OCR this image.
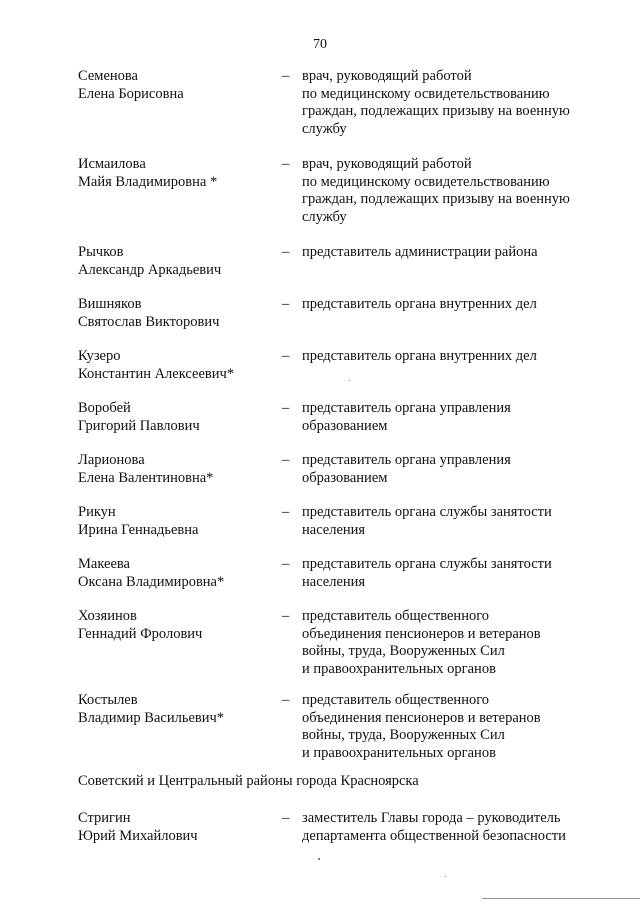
70
Семенова
Елена Борисовна
– врач, руководящий работой
по медицинскому освидетельствованию
граждан, подлежащих призыву на военную
службу
Исмаилова
Майя Владимировна *
– врач, руководящий работой
по медицинскому освидетельствованию
граждан, подлежащих призыву на военную
службу
Рычков
Александр Аркадьевич
– представитель администрации района
Вишняков
Святослав Викторович
– представитель органа внутренних дел
Кузеро
Константин Алексеевич*
– представитель органа внутренних дел
Воробей
Григорий Павлович
– представитель органа управления
образованием
Ларионова
Елена Валентиновна*
– представитель органа управления
образованием
Рикун
Ирина Геннадьевна
– представитель органа службы занятости
населения
Макеева
Оксана Владимировна*
– представитель органа службы занятости
населения
Хозяинов
Геннадий Фролович
– представитель общественного
объединения пенсионеров и ветеранов
войны, труда, Вооруженных Сил
и правоохранительных органов
Костылев
Владимир Васильевич*
– представитель общественного
объединения пенсионеров и ветеранов
войны, труда, Вооруженных Сил
и правоохранительных органов
Советский и Центральный районы города Красноярска
Стригин
Юрий Михайлович
– заместитель Главы города – руководитель
департамента общественной безопасности
